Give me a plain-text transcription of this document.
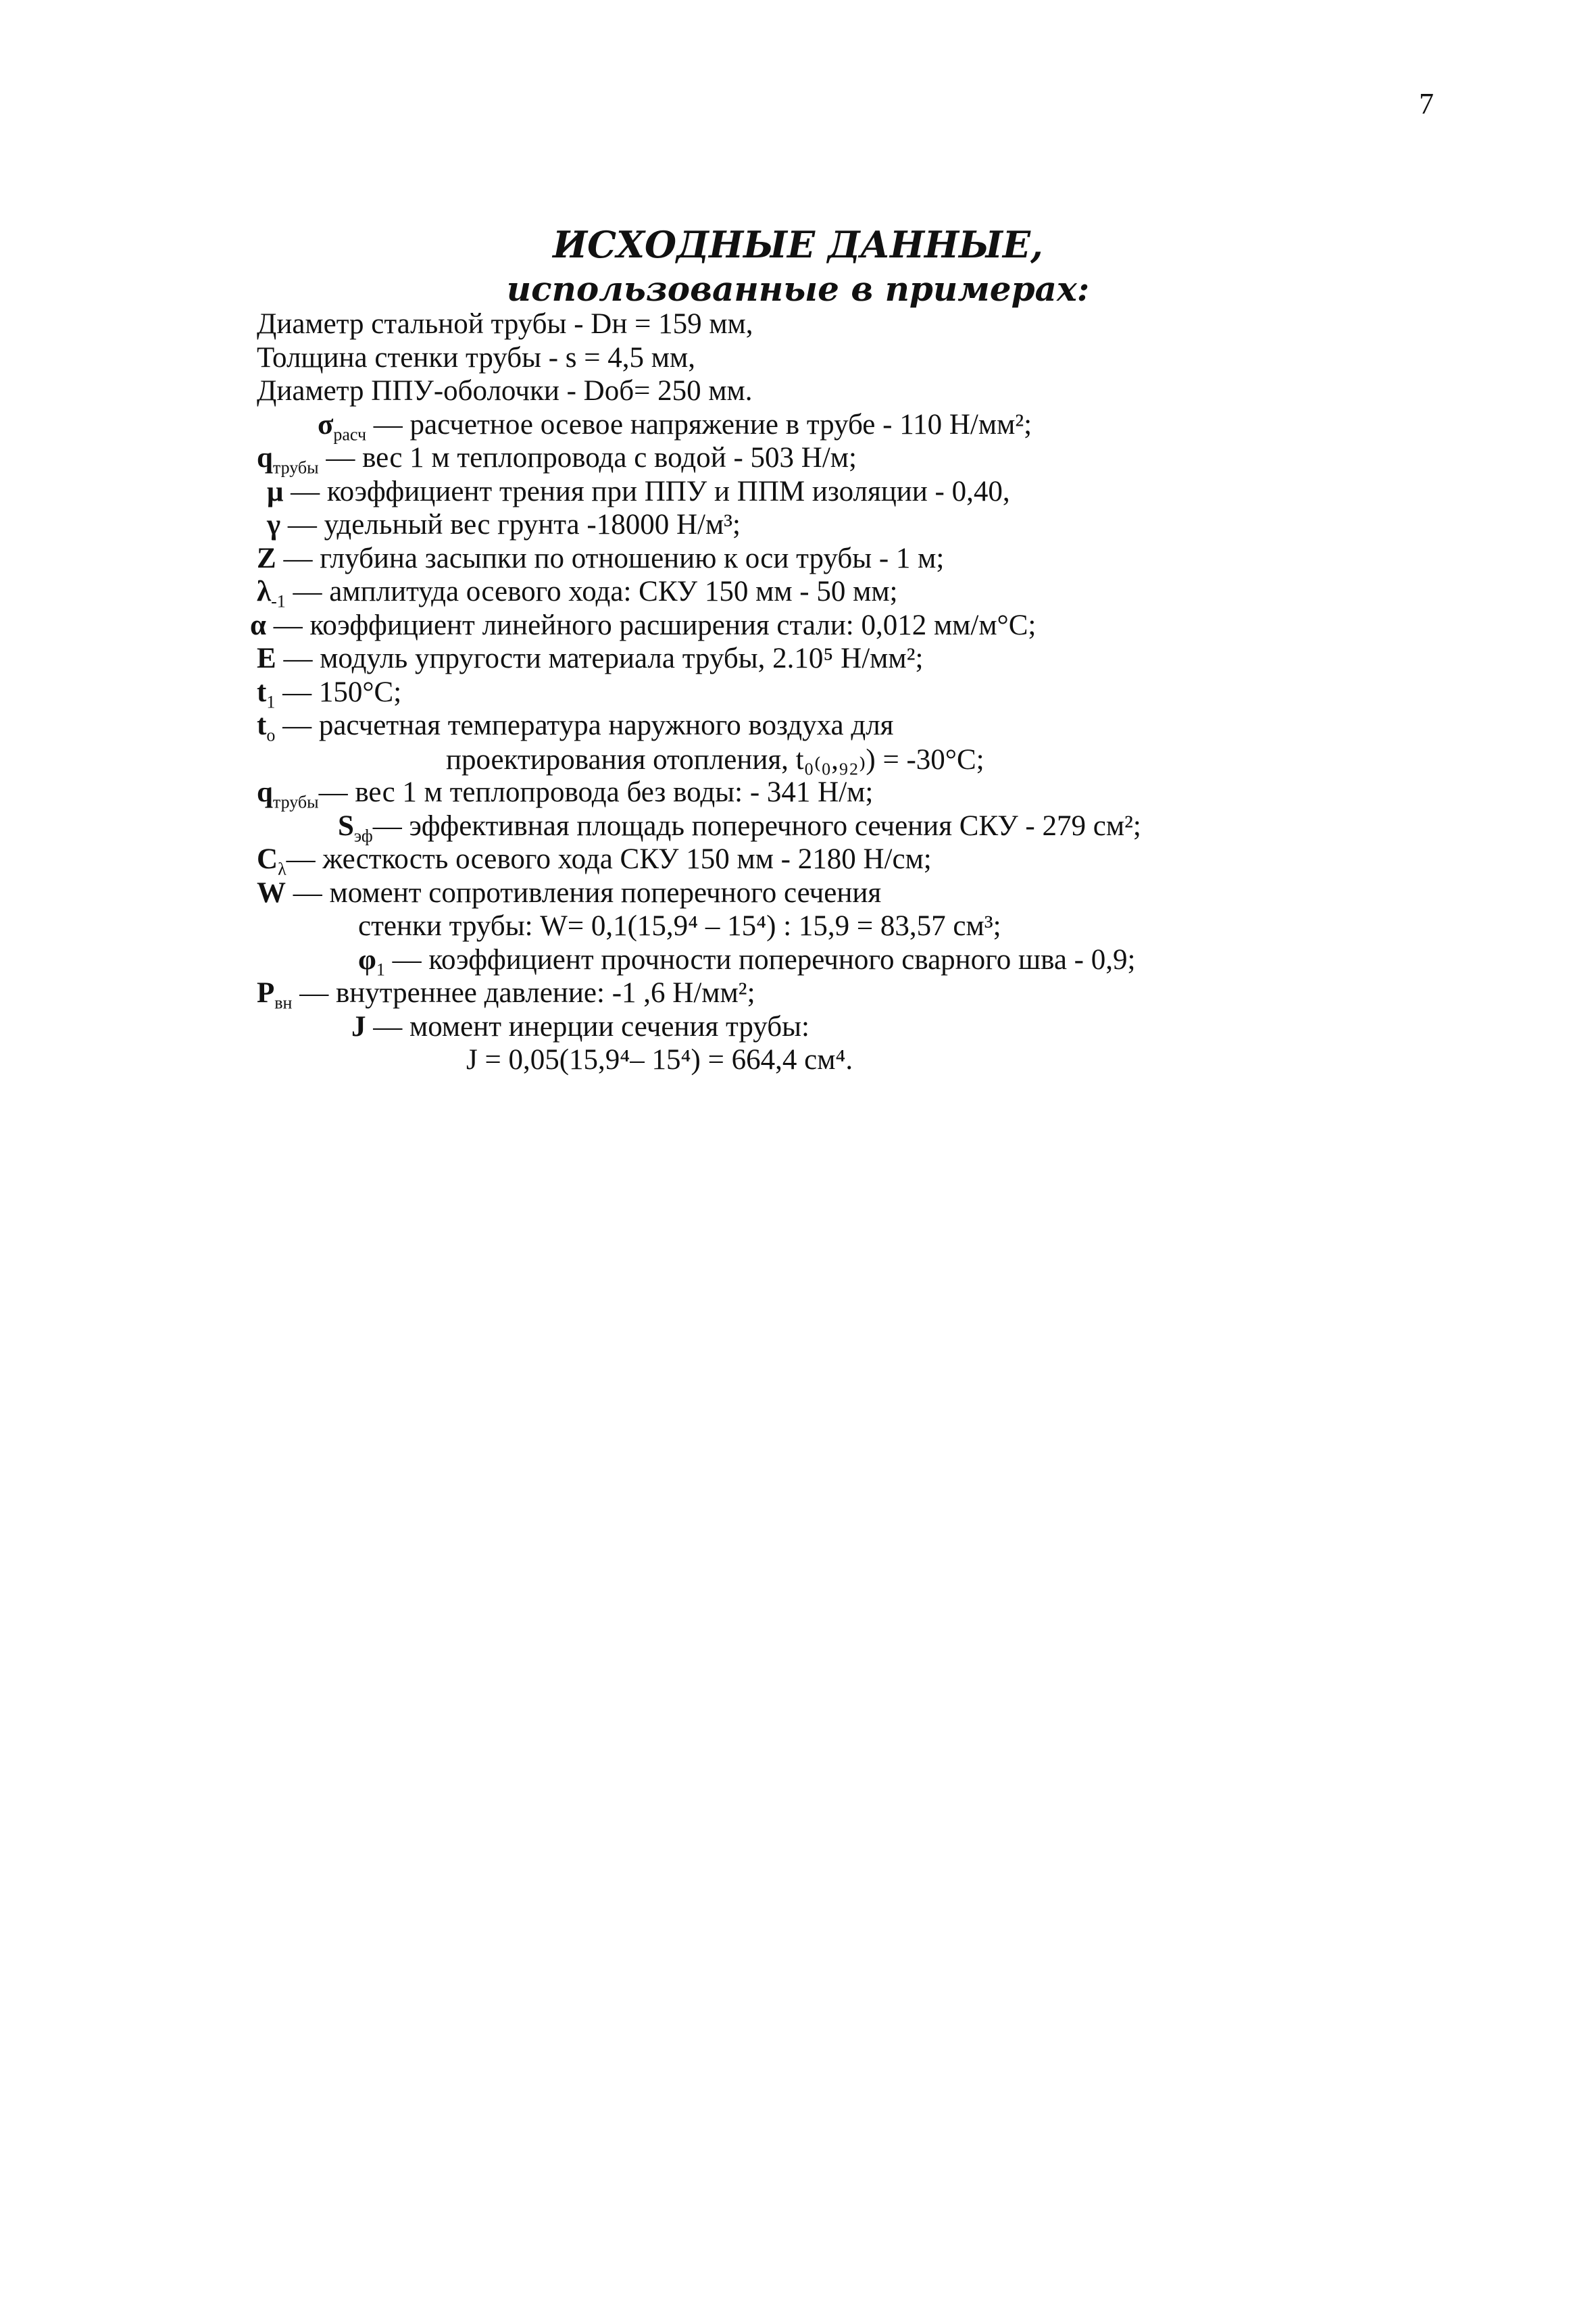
7
ИСХОДНЫЕ ДАННЫЕ,
использованные в примерах:
Диаметр стальной трубы - Dн = 159 мм,
Толщина стенки трубы - s = 4,5 мм,
Диаметр ППУ-оболочки - Dоб= 250 мм.
$\sigma_{расч}$ — расчетное осевое напряжение в трубе - 110 Н/мм²;
$q_{трубы}$ — вес 1 м теплопровода с водой - 503 Н/м;
μ — коэффициент трения при ППУ и ППМ изоляции - 0,40,
γ — удельный вес грунта -18000 Н/м³;
Z — глубина засыпки по отношению к оси трубы - 1 м;
$\lambda_{-1}$ — амплитуда осевого хода: СКУ 150 мм - 50 мм;
α — коэффициент линейного расширения стали: 0,012 мм/м°С;
E — модуль упругости материала трубы, 2.10⁵ Н/мм²;
$t_1$ — 150°С;
$t_o$ — расчетная температура наружного воздуха для
проектирования отопления, t₀₍₀,₉₂₎) = -30°С;
$q_{трубы}—$ вес 1 м теплопровода без воды: - 341 Н/м;
$S_{эф}—$ эффективная площадь поперечного сечения СКУ - 279 см²;
$C_\lambda—$ жесткость осевого хода СКУ 150 мм - 2180 Н/см;
W — момент сопротивления поперечного сечения
стенки трубы: W= 0,1(15,9⁴ – 15⁴) : 15,9 = 83,57 см³;
$\varphi_1$ — коэффициент прочности поперечного сварного шва - 0,9;
$P_{вн}$ — внутреннее давление: -1 ,6 Н/мм²;
J — момент инерции сечения трубы:
J = 0,05(15,9⁴– 15⁴) = 664,4 см⁴.
